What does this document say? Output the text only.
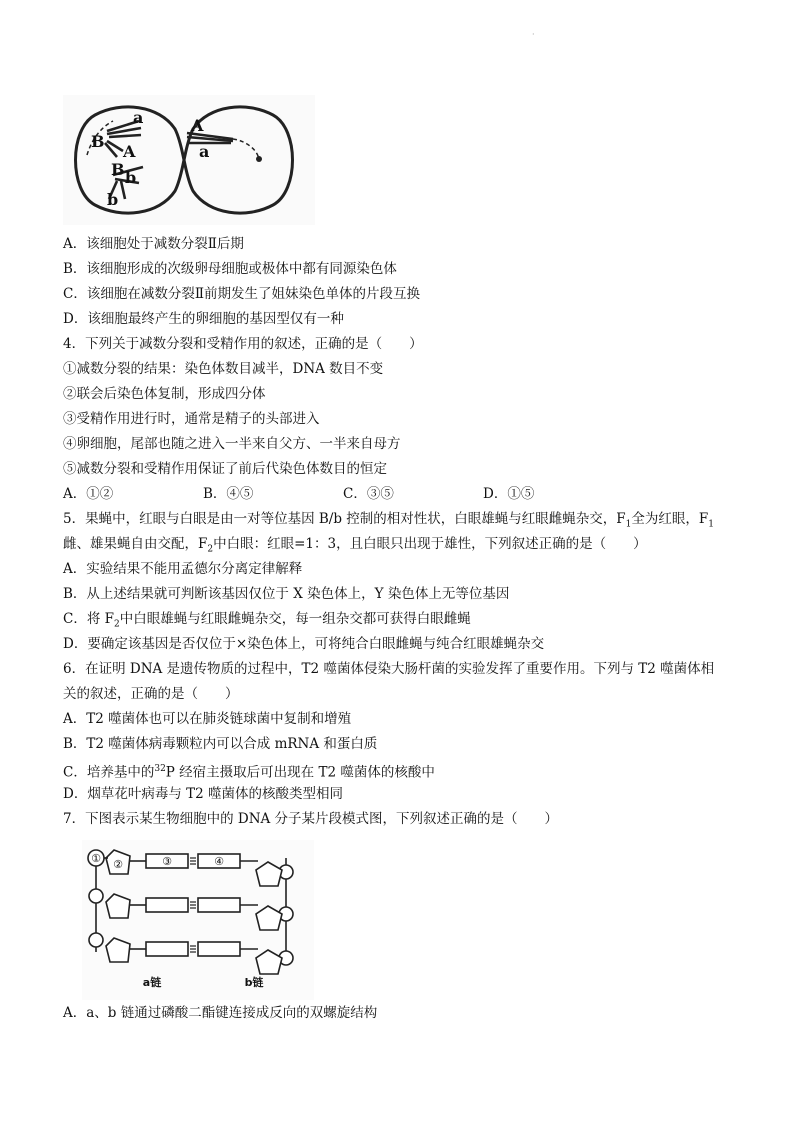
·
a
B
A
B b
b
A
a
A．该细胞处于减数分裂Ⅱ后期
B．该细胞形成的次级卵母细胞或极体中都有同源染色体
C．该细胞在减数分裂Ⅱ前期发生了姐妹染色单体的片段互换
D．该细胞最终产生的卵细胞的基因型仅有一种
4．下列关于减数分裂和受精作用的叙述，正确的是（　　）
①减数分裂的结果：染色体数目减半，DNA 数目不变
②联会后染色体复制，形成四分体
③受精作用进行时，通常是精子的头部进入
④卵细胞，尾部也随之进入一半来自父方、一半来自母方
⑤减数分裂和受精作用保证了前后代染色体数目的恒定
A．①②	B．④⑤	C．③⑤	D．①⑤
5．果蝇中，红眼与白眼是由一对等位基因 B/b 控制的相对性状，白眼雄蝇与红眼雌蝇杂交，$F_1$全为红眼，$F_1$
雌、雄果蝇自由交配，$F_2$中白眼：红眼=1：3，且白眼只出现于雄性，下列叙述正确的是（　　）
A．实验结果不能用孟德尔分离定律解释
B．从上述结果就可判断该基因仅位于 X 染色体上，Y 染色体上无等位基因
C．将 $F_2$中白眼雄蝇与红眼雌蝇杂交，每一组杂交都可获得白眼雌蝇
D．要确定该基因是否仅位于×染色体上，可将纯合白眼雌蝇与纯合红眼雄蝇杂交
6．在证明 DNA 是遗传物质的过程中，T2 噬菌体侵染大肠杆菌的实验发挥了重要作用。下列与 T2 噬菌体相
关的叙述，正确的是（　　）
A．T2 噬菌体也可以在肺炎链球菌中复制和增殖
B．T2 噬菌体病毒颗粒内可以合成 mRNA 和蛋白质
C．培养基中的$^{32}$P 经宿主摄取后可出现在 T2 噬菌体的核酸中
D．烟草花叶病毒与 T2 噬菌体的核酸类型相同
7．下图表示某生物细胞中的 DNA 分子某片段模式图，下列叙述正确的是（　　）
① ②	③	④
a链	b链
A．a、b 链通过磷酸二酯键连接成反向的双螺旋结构
